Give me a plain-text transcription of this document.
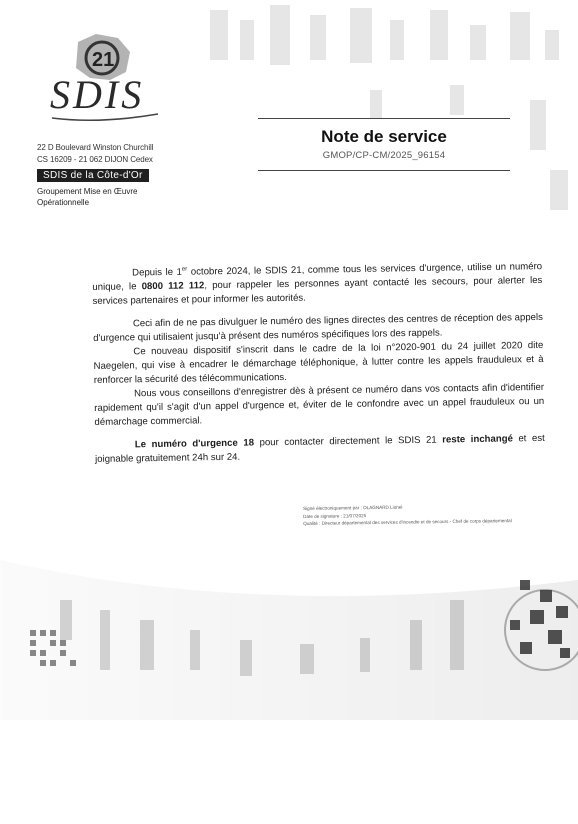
21
SDIS
22 D Boulevard Winston Churchill
CS 16209 - 21 062 DIJON Cedex
SDIS de la Côte-d'Or
Groupement Mise en Œuvre
Opérationnelle
Note de service
GMOP/CP-CM/2025_96154

Depuis le 1er octobre 2024, le SDIS 21, comme tous les services d'urgence, utilise un numéro unique, le 0800 112 112, pour rappeler les personnes ayant contacté les secours, pour alerter les services partenaires et pour informer les autorités.

Ceci afin de ne pas divulguer le numéro des lignes directes des centres de réception des appels d'urgence qui utilisaient jusqu'à présent des numéros spécifiques lors des rappels.

Ce nouveau dispositif s'inscrit dans le cadre de la loi n°2020-901 du 24 juillet 2020 dite Naegelen, qui vise à encadrer le démarchage téléphonique, à lutter contre les appels frauduleux et à renforcer la sécurité des télécommunications.

Nous vous conseillons d'enregistrer dès à présent ce numéro dans vos contacts afin d'identifier rapidement qu'il s'agit d'un appel d'urgence et, éviter de le confondre avec un appel frauduleux ou un démarchage commercial.

Le numéro d'urgence 18 pour contacter directement le SDIS 21 reste inchangé et est joignable gratuitement 24h sur 24.

Signé électroniquement par : OLAGNARD Lionel
Date de signature : 21/07/2025
Qualité : Directeur départemental des services d'incendie et de secours - Chef de corps départemental
